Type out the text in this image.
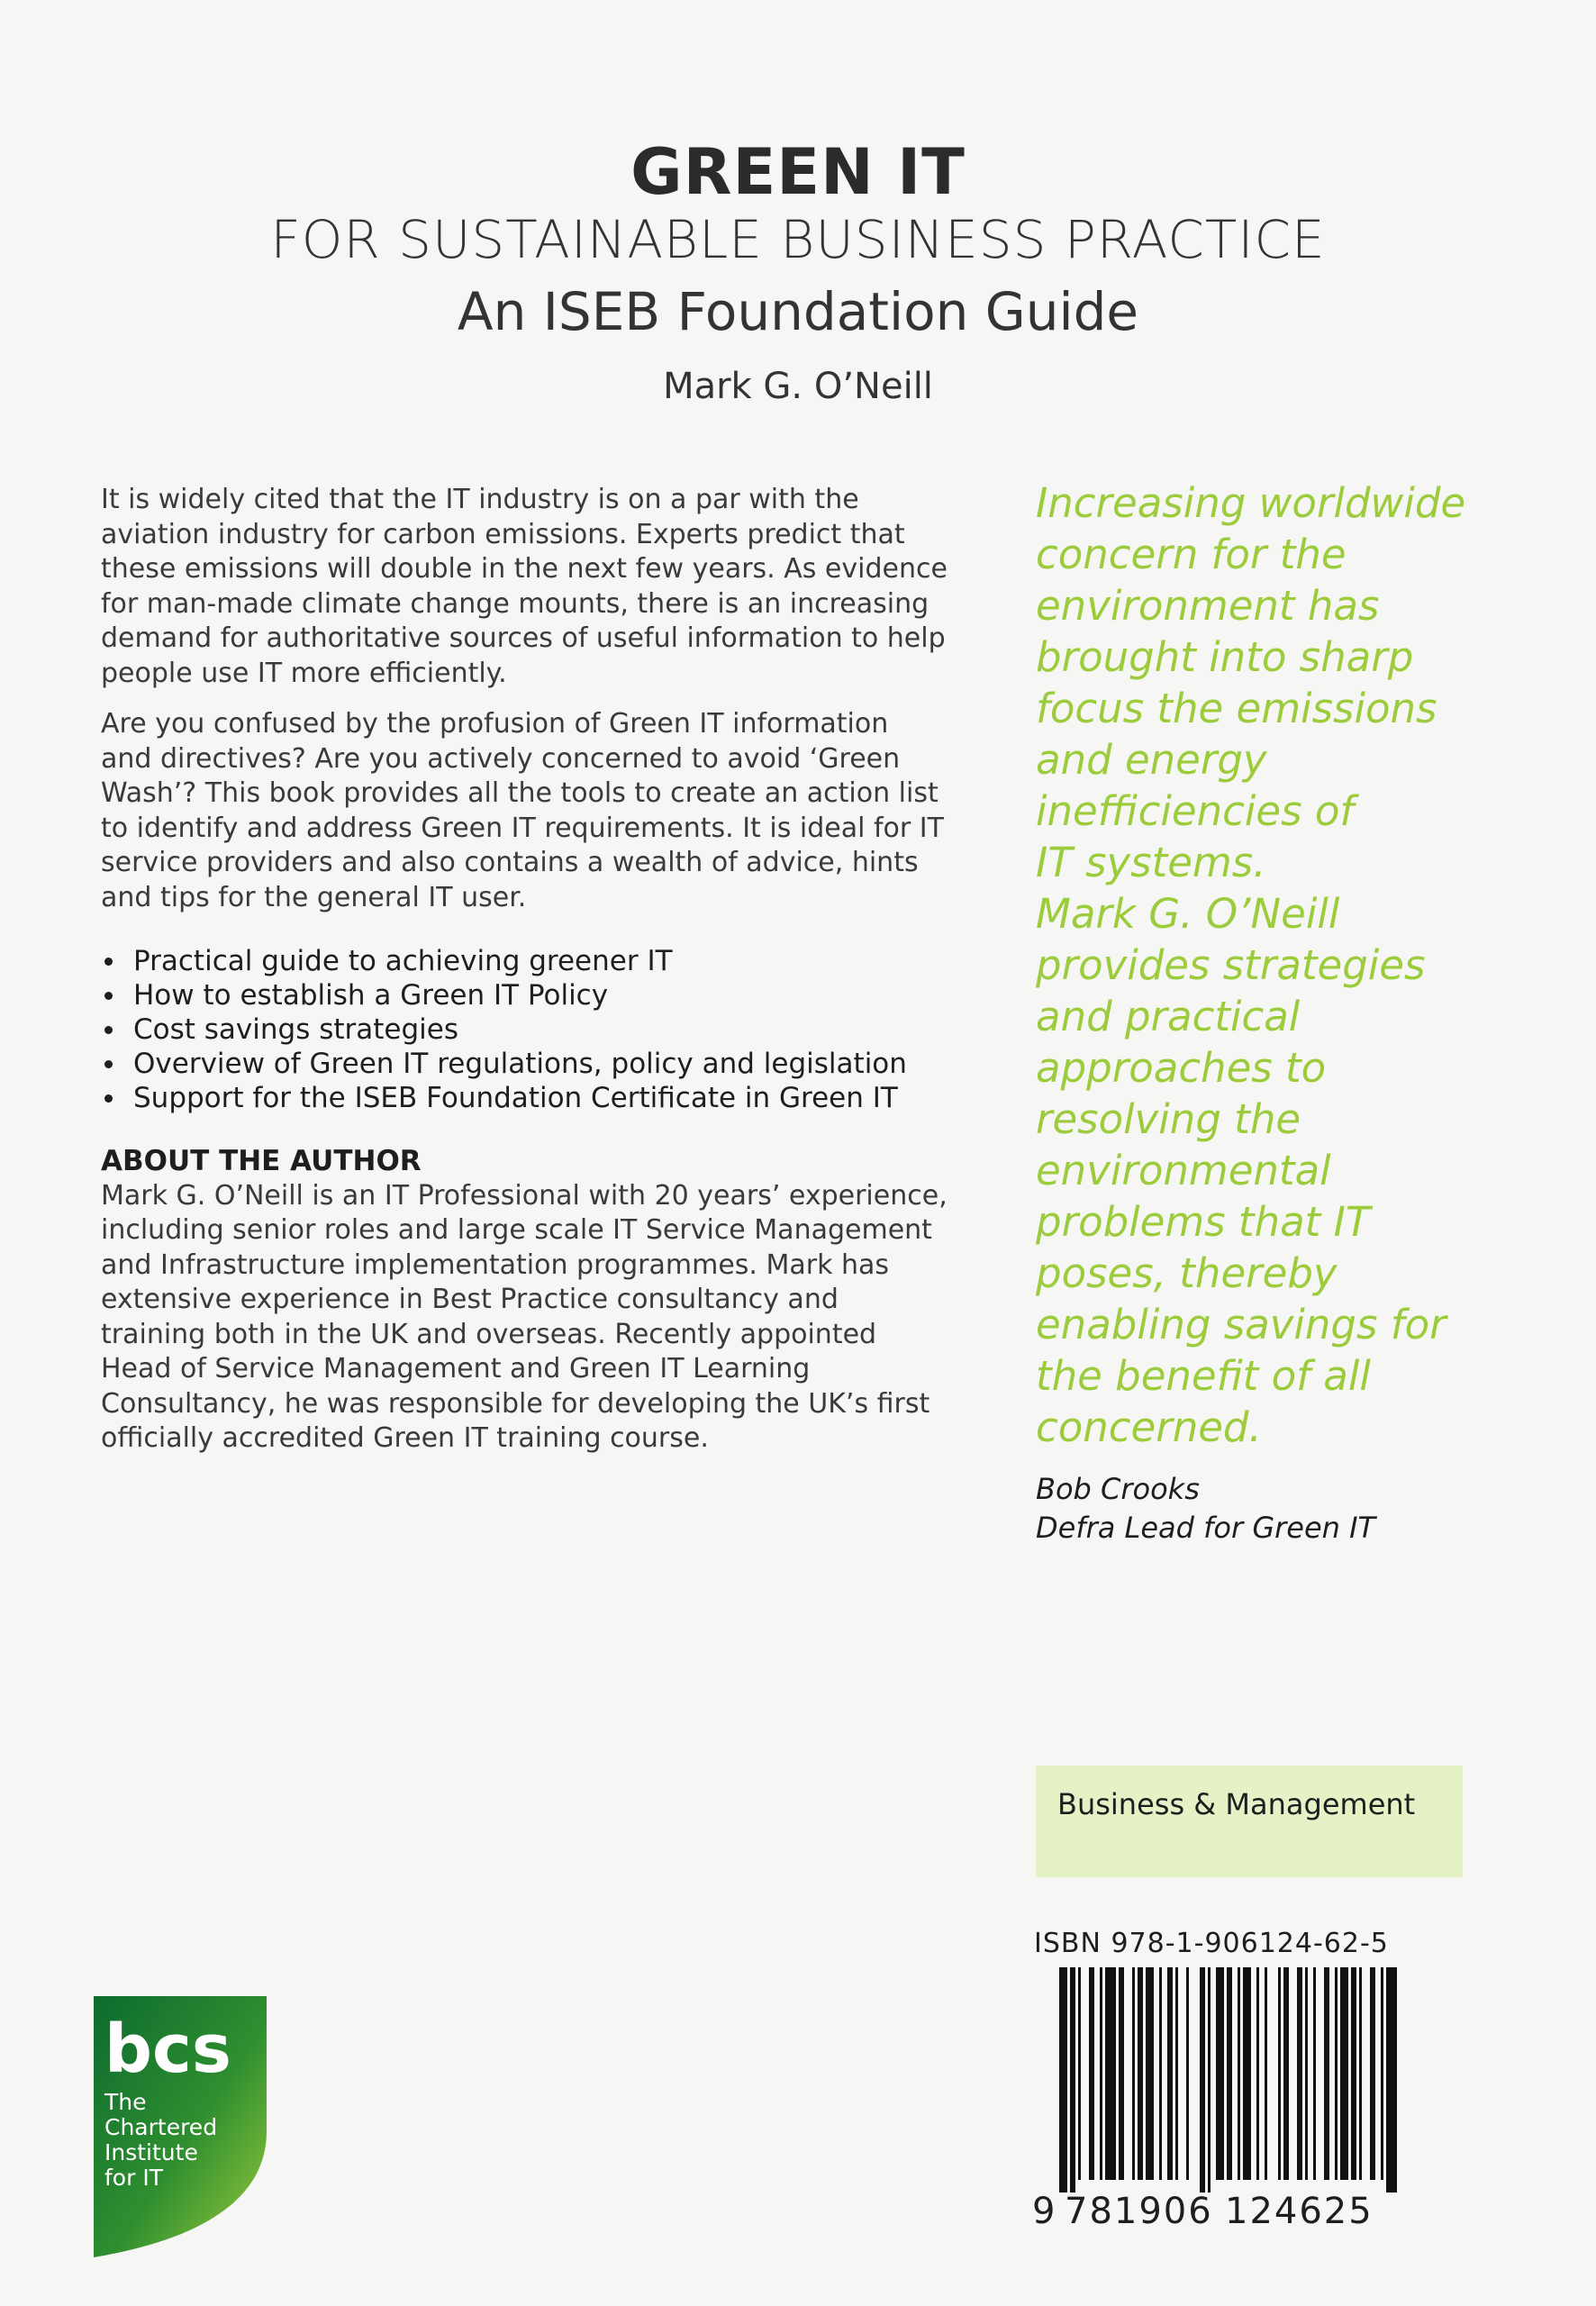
GREEN IT
FOR SUSTAINABLE BUSINESS PRACTICE
An ISEB Foundation Guide
Mark G. O’Neill

It is widely cited that the IT industry is on a par with the aviation industry for carbon emissions. Experts predict that these emissions will double in the next few years. As evidence for man-made climate change mounts, there is an increasing demand for authoritative sources of useful information to help people use IT more efficiently.

Are you confused by the profusion of Green IT information and directives? Are you actively concerned to avoid ‘Green Wash’? This book provides all the tools to create an action list to identify and address Green IT requirements. It is ideal for IT service providers and also contains a wealth of advice, hints and tips for the general IT user.

Practical guide to achieving greener IT
How to establish a Green IT Policy
Cost savings strategies
Overview of Green IT regulations, policy and legislation
Support for the ISEB Foundation Certificate in Green IT
ABOUT THE AUTHOR

Mark G. O’Neill is an IT Professional with 20 years’ experience, including senior roles and large scale IT Service Management and Infrastructure implementation programmes. Mark has extensive experience in Best Practice consultancy and training both in the UK and overseas. Recently appointed Head of Service Management and Green IT Learning Consultancy, he was responsible for developing the UK’s first officially accredited Green IT training course.

Increasing worldwide
concern for the
environment has
brought into sharp
focus the emissions
and energy
inefficiencies of
IT systems.
Mark G. O’Neill
provides strategies
and practical
approaches to
resolving the
environmental
problems that IT
poses, thereby
enabling savings for
the benefit of all
concerned.
Bob Crooks
Defra Lead for Green IT
Business & Management
ISBN 978-1-906124-62-5
9 781906 124625
bcs
The
Chartered
Institute
for IT
